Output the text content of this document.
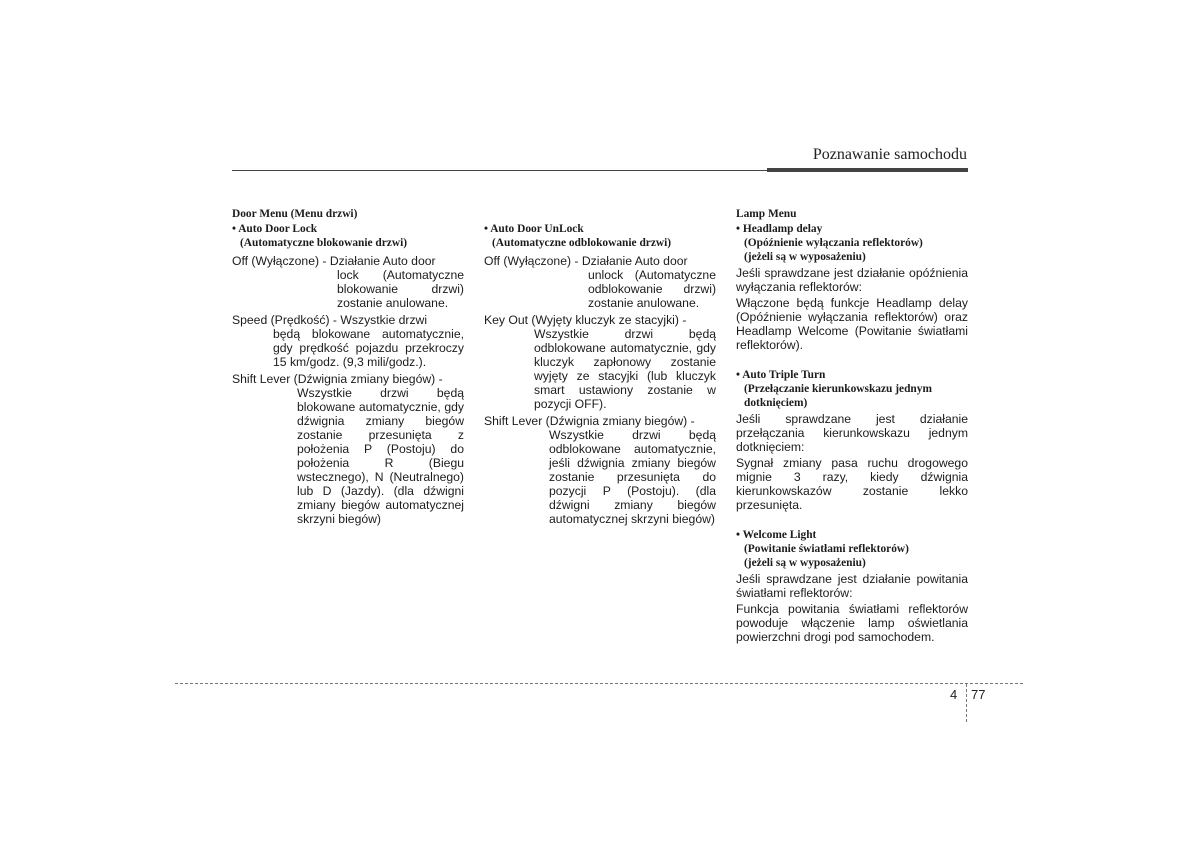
Poznawanie samochodu
Door Menu (Menu drzwi)
• Auto Door Lock
(Automatyczne blokowanie drzwi)
Off (Wyłączone) - Działanie Auto door
lock (Automatyczne blokowanie drzwi) zostanie anulowane.
Speed (Prędkość) - Wszystkie drzwi
będą blokowane automatycznie, gdy prędkość pojazdu przekroczy 15 km/godz. (9,3 mili/godz.).
Shift Lever (Dźwignia zmiany biegów) -
Wszystkie drzwi będą blokowane automatycznie, gdy dźwignia zmiany biegów zostanie przesunięta z położenia P (Postoju) do położenia R (Biegu wstecznego), N (Neutralnego) lub D (Jazdy). (dla dźwigni zmiany biegów automatycznej skrzyni biegów)
• Auto Door UnLock
(Automatyczne odblokowanie drzwi)
Off (Wyłączone) - Działanie Auto door
unlock (Automatyczne odblokowanie drzwi) zostanie anulowane.
Key Out (Wyjęty kluczyk ze stacyjki) -
Wszystkie drzwi będą odblokowane automatycznie, gdy kluczyk zapłonowy zostanie wyjęty ze stacyjki (lub kluczyk smart ustawiony zostanie w pozycji OFF).
Shift Lever (Dźwignia zmiany biegów) -
Wszystkie drzwi będą odblokowane automatycznie, jeśli dźwignia zmiany biegów zostanie przesunięta do pozycji P (Postoju). (dla dźwigni zmiany biegów automatycznej skrzyni biegów)
Lamp Menu
• Headlamp delay
(Opóźnienie wyłączania reflektorów)
(jeżeli są w wyposażeniu)
Jeśli sprawdzane jest działanie opóźnienia wyłączania reflektorów:
Włączone będą funkcje Headlamp delay (Opóźnienie wyłączania reflektorów) oraz Headlamp Welcome (Powitanie światłami reflektorów).
• Auto Triple Turn
(Przełączanie kierunkowskazu jednym
dotknięciem)
Jeśli sprawdzane jest działanie przełączania kierunkowskazu jednym dotknięciem:
Sygnał zmiany pasa ruchu drogowego mignie 3 razy, kiedy dźwignia kierunkowskazów zostanie lekko przesunięta.
• Welcome Light
(Powitanie światłami reflektorów)
(jeżeli są w wyposażeniu)
Jeśli sprawdzane jest działanie powitania światłami reflektorów:
Funkcja powitania światłami reflektorów powoduje włączenie lamp oświetlania powierzchni drogi pod samochodem.
4 77
